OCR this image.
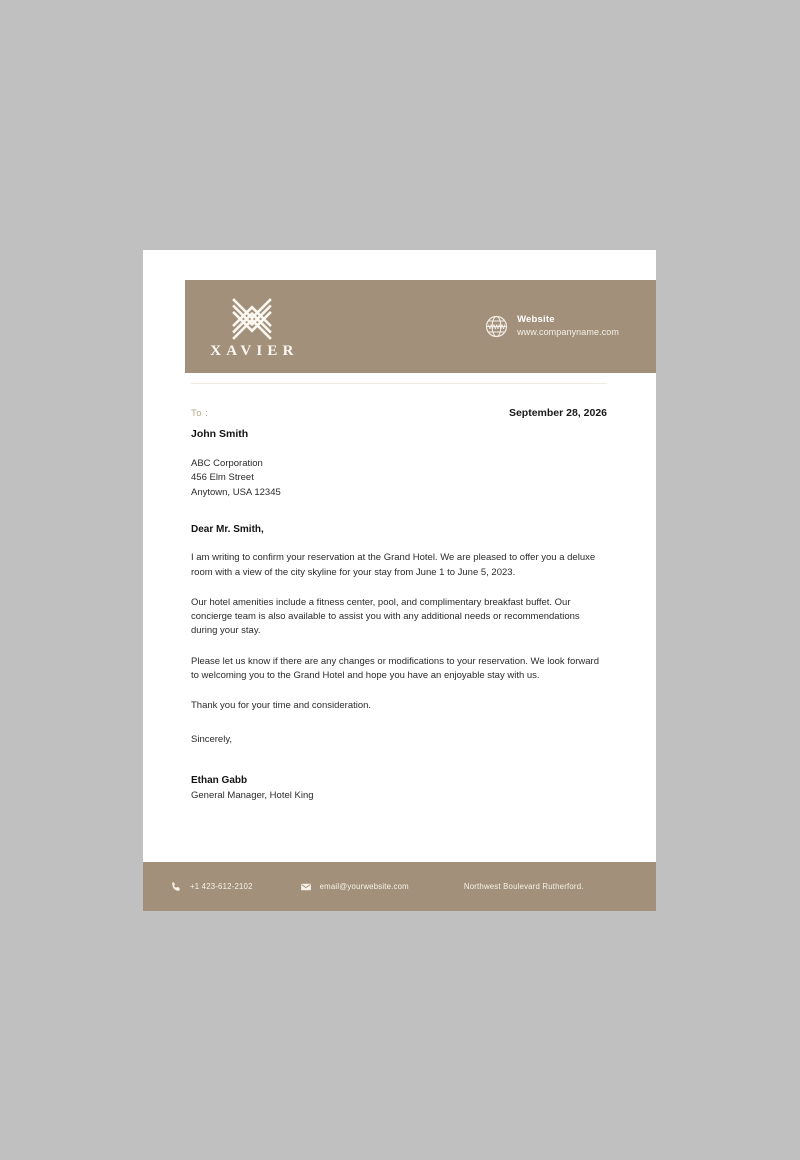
XAVIER
WWW
Website
www.companyname.com
To :	September 28, 2026
John Smith
ABC Corporation
456 Elm Street
Anytown, USA 12345
Dear Mr. Smith,

I am writing to confirm your reservation at the Grand Hotel. We are pleased to offer you a deluxe room with a view of the city skyline for your stay from June 1 to June 5, 2023.

Our hotel amenities include a fitness center, pool, and complimentary breakfast buffet. Our concierge team is also available to assist you with any additional needs or recommendations during your stay.

Please let us know if there are any changes or modifications to your reservation. We look forward to welcoming you to the Grand Hotel and hope you have an enjoyable stay with us.

Thank you for your time and consideration.

Sincerely,
Ethan Gabb
General Manager, Hotel King
+1 423-612-2102	email@yourwebsite.com	Northwest Boulevard Rutherford.
